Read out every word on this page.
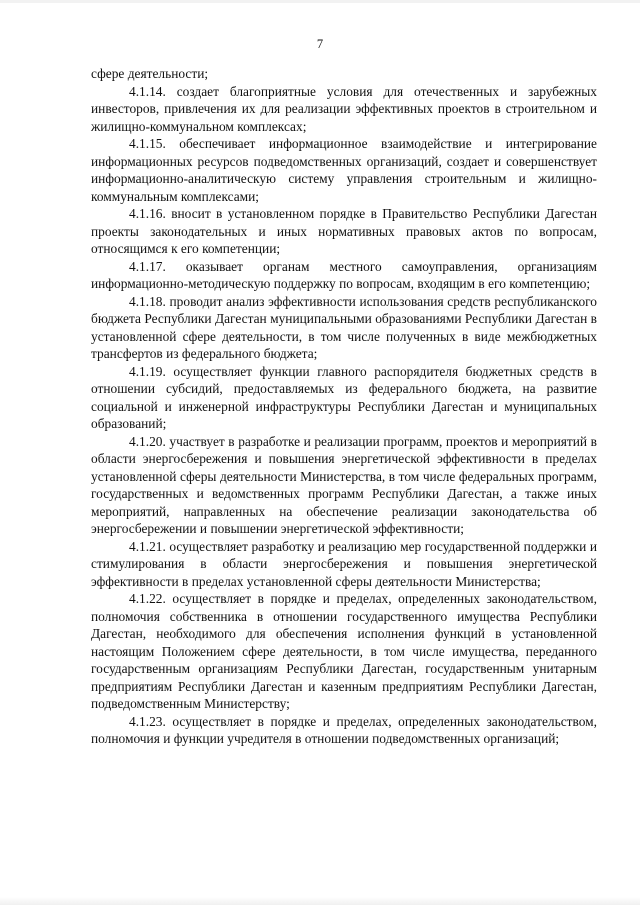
7

сфере деятельности;

4.1.14. создает благоприятные условия для отечественных и зарубежных инвесторов, привлечения их для реализации эффективных проектов в строительном и жилищно-коммунальном комплексах;

4.1.15. обеспечивает информационное взаимодействие и интегрирование информационных ресурсов подведомственных организаций, создает и совершенствует информационно-аналитическую систему управления строительным и жилищно-коммунальным комплексами;

4.1.16. вносит в установленном порядке в Правительство Республики Дагестан проекты законодательных и иных нормативных правовых актов по вопросам, относящимся к его компетенции;

4.1.17. оказывает органам местного самоуправления, организациям информационно-методическую поддержку по вопросам, входящим в его компетенцию;

4.1.18. проводит анализ эффективности использования средств республиканского бюджета Республики Дагестан муниципальными образованиями Республики Дагестан в установленной сфере деятельности, в том числе полученных в виде межбюджетных трансфертов из федерального бюджета;

4.1.19. осуществляет функции главного распорядителя бюджетных средств в отношении субсидий, предоставляемых из федерального бюджета, на развитие социальной и инженерной инфраструктуры Республики Дагестан и муниципальных образований;

4.1.20. участвует в разработке и реализации программ, проектов и мероприятий в области энергосбережения и повышения энергетической эффективности в пределах установленной сферы деятельности Министерства, в том числе федеральных программ, государственных и ведомственных программ Республики Дагестан, а также иных мероприятий, направленных на обеспечение реализации законодательства об энергосбережении и повышении энергетической эффективности;

4.1.21. осуществляет разработку и реализацию мер государственной поддержки и стимулирования в области энергосбережения и повышения энергетической эффективности в пределах установленной сферы деятельности Министерства;

4.1.22. осуществляет в порядке и пределах, определенных законодательством, полномочия собственника в отношении государственного имущества Республики Дагестан, необходимого для обеспечения исполнения функций в установленной настоящим Положением сфере деятельности, в том числе имущества, переданного государственным организациям Республики Дагестан, государственным унитарным предприятиям Республики Дагестан и казенным предприятиям Республики Дагестан, подведомственным Министерству;

4.1.23. осуществляет в порядке и пределах, определенных законодательством, полномочия и функции учредителя в отношении подведомственных организаций;
